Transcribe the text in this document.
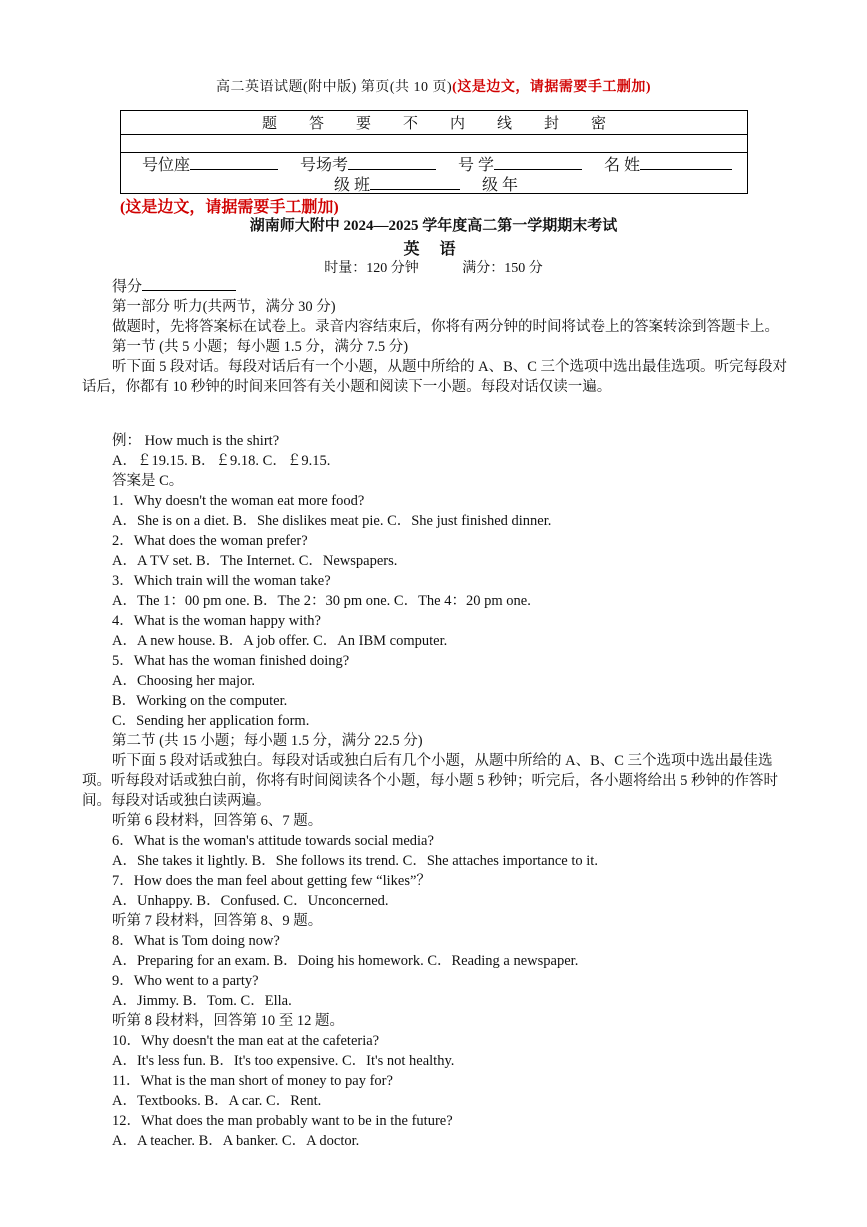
高二英语试题(附中版) 第页(共 10 页)(这是边文，请据需要手工删加)
题 答 要 不 内 线 封 密
号位座	号场考	号 学	名 姓
级 班	级 年
(这是边文，请据需要手工删加)
湖南师大附中 2024—2025 学年度高二第一学期期末考试
英 语
时量：120 分钟	满分：150 分

得分

第一部分 听力(共两节，满分 30 分)

做题时，先将答案标在试卷上。录音内容结束后，你将有两分钟的时间将试卷上的答案转涂到答题卡上。

第一节 (共 5 小题；每小题 1.5 分，满分 7.5 分)

听下面 5 段对话。每段对话后有一个小题，从题中所给的 A、B、C 三个选项中选出最佳选项。听完每段对话后，你都有 10 秒钟的时间来回答有关小题和阅读下一小题。每段对话仅读一遍。

例： How much is the shirt?

A．￡19.15. B．￡9.18. C．￡9.15.

答案是 C。

1．Why doesn't the woman eat more food?

A．She is on a diet. B．She dislikes meat pie. C．She just finished dinner.

2．What does the woman prefer?

A．A TV set. B．The Internet. C．Newspapers.

3．Which train will the woman take?

A．The 1：00 pm one. B．The 2：30 pm one. C．The 4：20 pm one.

4．What is the woman happy with?

A．A new house. B．A job offer. C．An IBM computer.

5．What has the woman finished doing?

A．Choosing her major.

B．Working on the computer.

C．Sending her application form.

第二节 (共 15 小题；每小题 1.5 分，满分 22.5 分)

听下面 5 段对话或独白。每段对话或独白后有几个小题，从题中所给的 A、B、C 三个选项中选出最佳选项。听每段对话或独白前，你将有时间阅读各个小题，每小题 5 秒钟；听完后，各小题将给出 5 秒钟的作答时间。每段对话或独白读两遍。

听第 6 段材料，回答第 6、7 题。

6．What is the woman's attitude towards social media?

A．She takes it lightly. B．She follows its trend. C．She attaches importance to it.

7．How does the man feel about getting few “likes”？

A．Unhappy. B．Confused. C．Unconcerned.

听第 7 段材料，回答第 8、9 题。

8．What is Tom doing now?

A．Preparing for an exam. B．Doing his homework. C．Reading a newspaper.

9．Who went to a party?

A．Jimmy. B．Tom. C．Ella.

听第 8 段材料，回答第 10 至 12 题。

10．Why doesn't the man eat at the cafeteria?

A．It's less fun. B．It's too expensive. C．It's not healthy.

11．What is the man short of money to pay for?

A．Textbooks. B．A car. C．Rent.

12．What does the man probably want to be in the future?

A．A teacher. B．A banker. C．A doctor.
